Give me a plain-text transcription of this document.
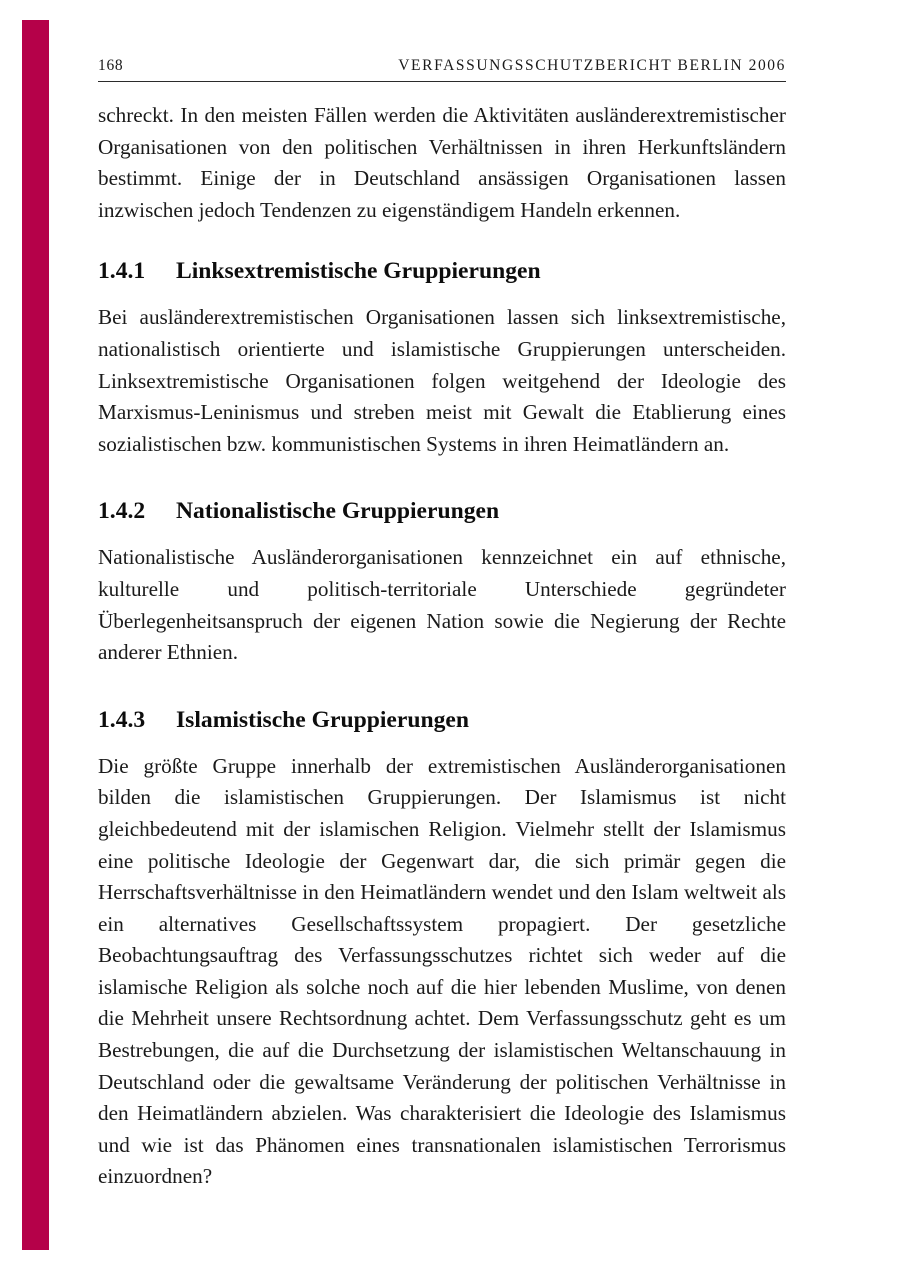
168	VERFASSUNGSSCHUTZBERICHT BERLIN 2006

schreckt. In den meisten Fällen werden die Aktivitäten ausländerextremistischer Organisationen von den politischen Verhältnissen in ihren Herkunftsländern bestimmt. Einige der in Deutschland ansässigen Organisationen lassen inzwischen jedoch Tendenzen zu eigenständigem Handeln erkennen.

1.4.1	Linksextremistische Gruppierungen

Bei ausländerextremistischen Organisationen lassen sich linksextremistische, nationalistisch orientierte und islamistische Gruppierungen unterscheiden. Linksextremistische Organisationen folgen weitgehend der Ideologie des Marxismus-Leninismus und streben meist mit Gewalt die Etablierung eines sozialistischen bzw. kommunistischen Systems in ihren Heimatländern an.

1.4.2	Nationalistische Gruppierungen

Nationalistische Ausländerorganisationen kennzeichnet ein auf ethnische, kulturelle und politisch-territoriale Unterschiede gegründeter Überlegenheitsanspruch der eigenen Nation sowie die Negierung der Rechte anderer Ethnien.

1.4.3	Islamistische Gruppierungen

Die größte Gruppe innerhalb der extremistischen Ausländerorganisationen bilden die islamistischen Gruppierungen. Der Islamismus ist nicht gleichbedeutend mit der islamischen Religion. Vielmehr stellt der Islamismus eine politische Ideologie der Gegenwart dar, die sich primär gegen die Herrschaftsverhältnisse in den Heimatländern wendet und den Islam weltweit als ein alternatives Gesellschaftssystem propagiert. Der gesetzliche Beobachtungsauftrag des Verfassungsschutzes richtet sich weder auf die islamische Religion als solche noch auf die hier lebenden Muslime, von denen die Mehrheit unsere Rechtsordnung achtet. Dem Verfassungsschutz geht es um Bestrebungen, die auf die Durchsetzung der islamistischen Weltanschauung in Deutschland oder die gewaltsame Veränderung der politischen Verhältnisse in den Heimatländern abzielen. Was charakterisiert die Ideologie des Islamismus und wie ist das Phänomen eines transnationalen islamistischen Terrorismus einzuordnen?
